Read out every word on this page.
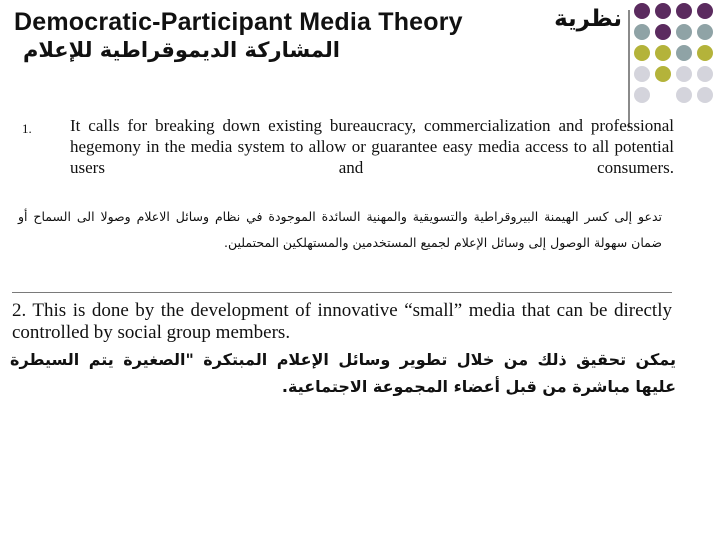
Democratic-Participant Media Theory	نظرية
المشاركة الديموقراطية للإعلام
1. It calls for breaking down existing bureaucracy, commercialization and professional hegemony in the media system to allow or guarantee easy media access to all potential users and consumers.
تدعو إلى كسر الهيمنة البيروقراطية والتسويقية والمهنية السائدة الموجودة في نظام وسائل الاعلام وصولا الى السماح أو ضمان سهولة الوصول إلى وسائل الإعلام لجميع المستخدمين والمستهلكين المحتملين.
2. This is done by the development of innovative “small” media that can be directly controlled by social group members.
يمكن تحقيق ذلك من خلال تطوير وسائل الإعلام المبتكرة "الصغيرة يتم السيطرة عليها مباشرة من قبل أعضاء المجموعة الاجتماعية.
